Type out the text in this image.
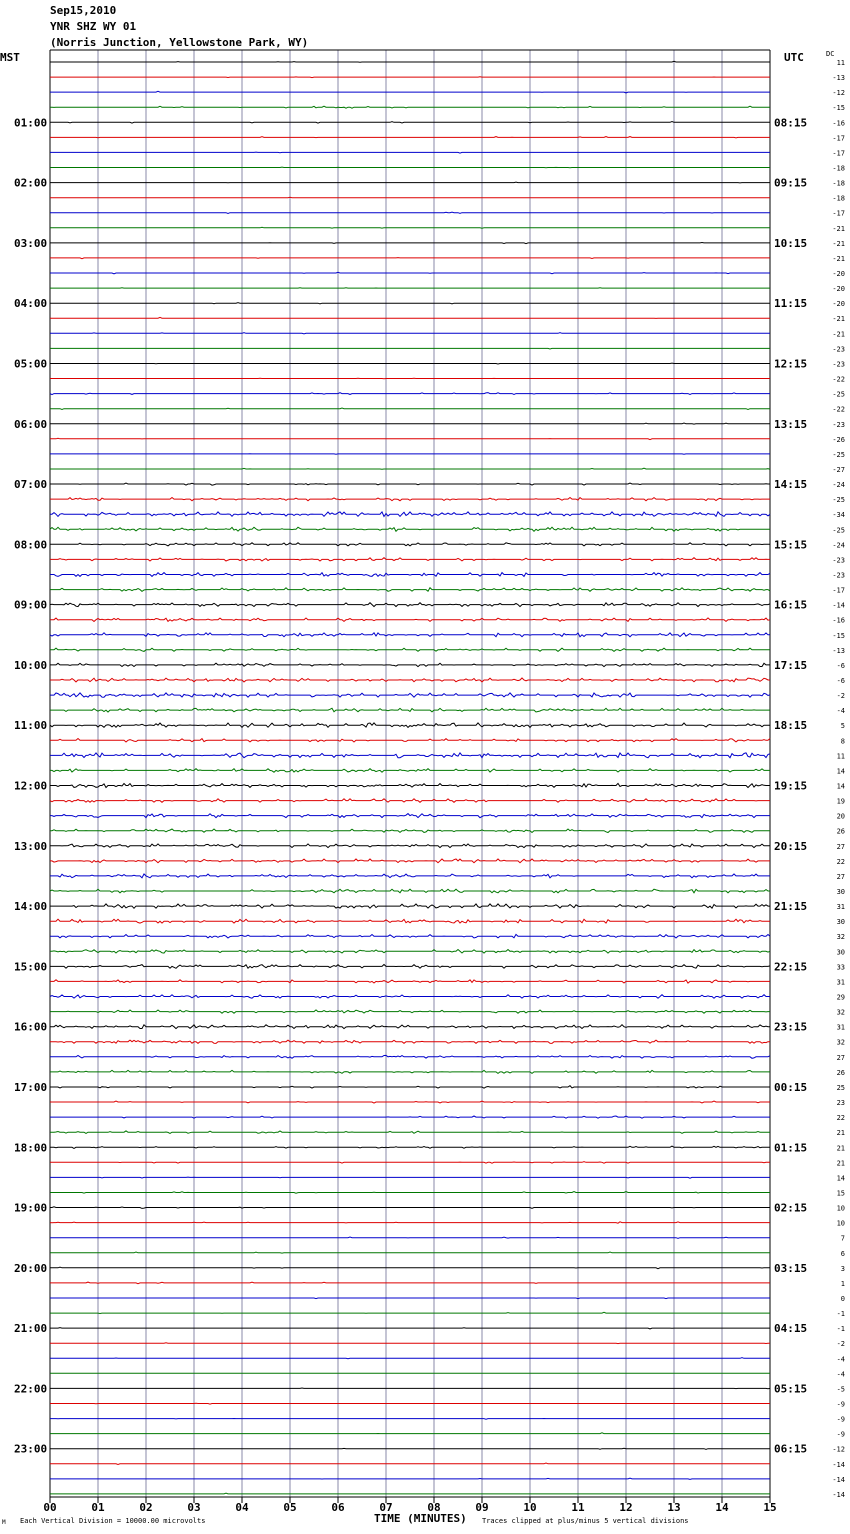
Sep15,2010
YNR SHZ WY 01
(Norris Junction, Yellowstone Park, WY)
MST	UTC
00	01	02	03	04	05	06	07	08	09	10	11	12	13	14	15
11
-13
-12
-15
-16
-17
-17
-18
-18
-18
-17
-21
-21
-21
-20
-20
-20
-21
-21
-23
-23
-22
-25
-22
-23
-26
-25
-27
-24
-25
-34
-25
-24
-23
-23
-17
-14
-16
-15
-13
-6
-6
-2
-4
5
8
11
14
14
19
20
26
27
22
27
30
31
30
32
30
33
31
29
32
31
32
27
26
25
23
22
21
21
21
14
15
10
10
7
6
3
1
0
-1
-1
-2
-4
-4
-5
-9
-9
-9
-12
-14
-14
-14
01:00	08:15
02:00	09:15
03:00	10:15
04:00	11:15
05:00	12:15
06:00	13:15
07:00	14:15
08:00	15:15
09:00	16:15
10:00	17:15
11:00	18:15
12:00	19:15
13:00	20:15
14:00	21:15
15:00	22:15
16:00	23:15
17:00	00:15
18:00	01:15
19:00	02:15
20:00	03:15
21:00	04:15
22:00	05:15
23:00	06:15
DC
M Each Vertical Division = 10000.00 microvolts	TIME (MINUTES) Traces clipped at plus/minus 5 vertical divisions
